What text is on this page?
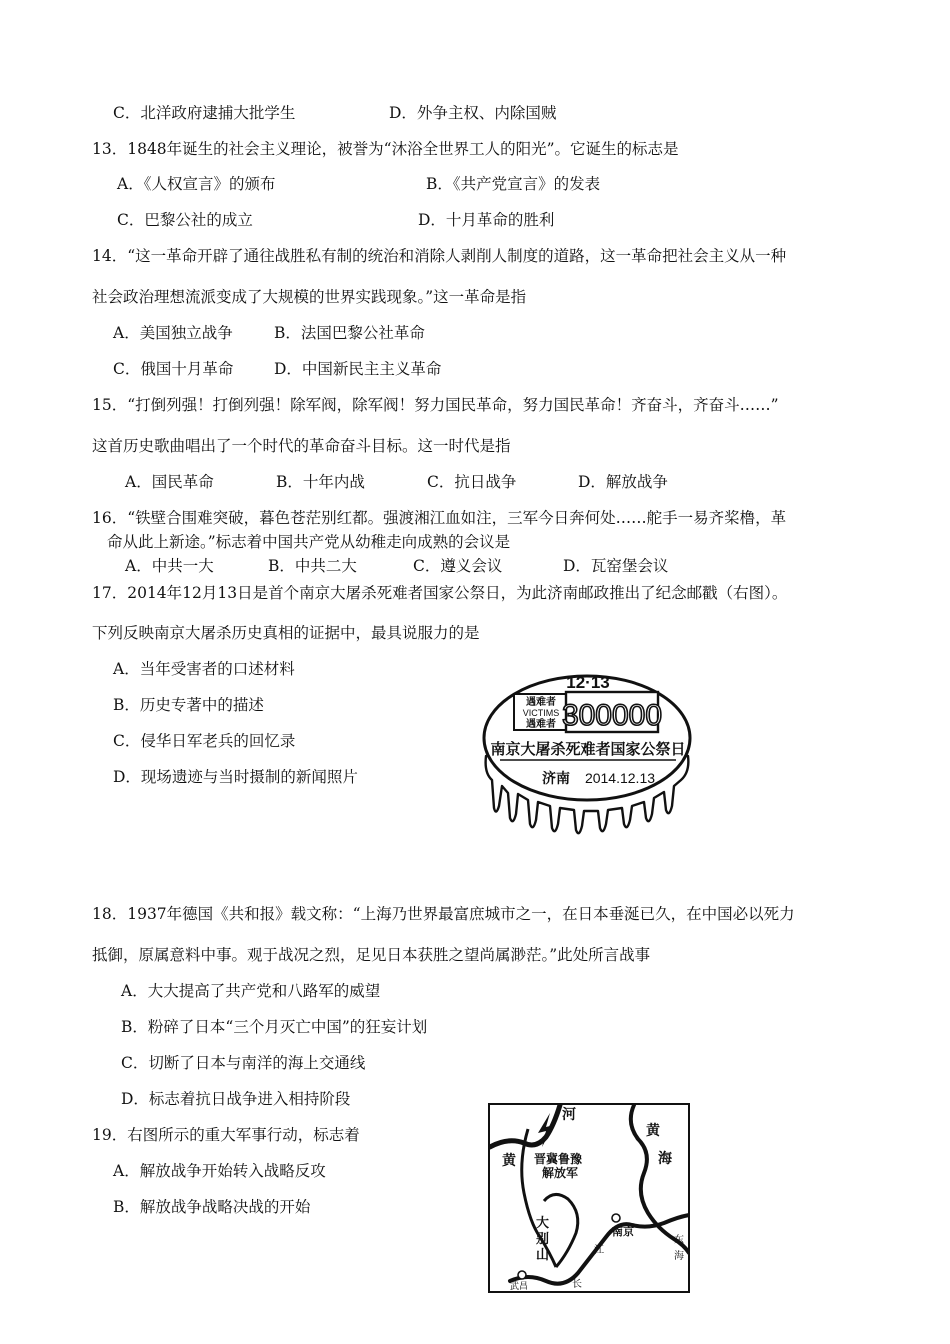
C．北洋政府逮捕大批学生	D．外争主权、内除国贼
13．1848年诞生的社会主义理论，被誉为“沐浴全世界工人的阳光”。它诞生的标志是
A．《人权宣言》的颁布	B．《共产党宣言》的发表
C．巴黎公社的成立	D．十月革命的胜利
14．“这一革命开辟了通往战胜私有制的统治和消除人剥削人制度的道路，这一革命把社会主义从一种
社会政治理想流派变成了大规模的世界实践现象。”这一革命是指
A．美国独立战争	B．法国巴黎公社革命
C．俄国十月革命	D．中国新民主主义革命
15．“打倒列强！打倒列强！除军阀，除军阀！努力国民革命，努力国民革命！齐奋斗，齐奋斗……”
这首历史歌曲唱出了一个时代的革命奋斗目标。这一时代是指
A．国民革命	B．十年内战	C．抗日战争	D．解放战争
16．“铁壁合围难突破，暮色苍茫别红都。强渡湘江血如注，三军今日奔何处……舵手一易齐桨橹，革
命从此上新途。”标志着中国共产党从幼稚走向成熟的会议是
A．中共一大	B．中共二大	C．遵义会议	D．瓦窑堡会议
17．2014年12月13日是首个南京大屠杀死难者国家公祭日，为此济南邮政推出了纪念邮戳（右图）。
下列反映南京大屠杀历史真相的证据中，最具说服力的是
A．当年受害者的口述材料
B．历史专著中的描述
C．侵华日军老兵的回忆录
D．现场遗迹与当时摄制的新闻照片
12·13
遇难者
VICTIMS
遇难者 300000
南京大屠杀死难者国家公祭日
济南 2014.12.13
18．1937年德国《共和报》载文称：“上海乃世界最富庶城市之一，在日本垂涎已久，在中国必以死力
抵御，原属意料中事。观于战况之烈，足见日本获胜之望尚属渺茫。”此处所言战事
A．大大提高了共产党和八路军的威望
B．粉碎了日本“三个月灭亡中国”的狂妄计划
C．切断了日本与南洋的海上交通线
D．标志着抗日战争进入相持阶段
19．右图所示的重大军事行动，标志着
A．解放战争开始转入战略反攻
B．解放战争战略决战的开始
河
黄
黄
海
晋冀鲁豫
解放军
大
别
山
南京
江
长
武昌
东
海
